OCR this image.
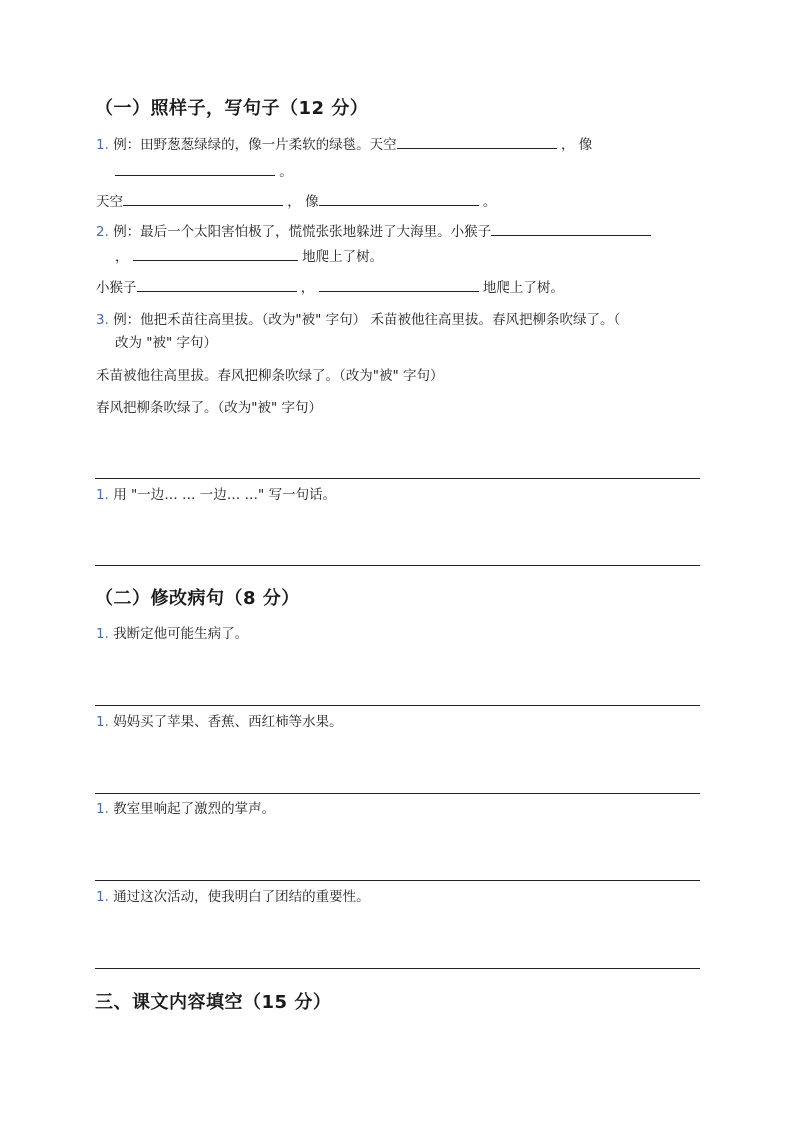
（一）照样子，写句子（12 分）
1. 例：田野葱葱绿绿的，像一片柔软的绿毯。天空	， 像
。
天空	， 像	。
2. 例：最后一个太阳害怕极了，慌慌张张地躲进了大海里。小猴子
，	地爬上了树。
小猴子	，	地爬上了树。
3. 例：他把禾苗往高里拔。（改为"被" 字句） 禾苗被他往高里拔。春风把柳条吹绿了。（
改为 "被" 字句）
禾苗被他往高里拔。春风把柳条吹绿了。（改为"被" 字句）
春风把柳条吹绿了。（改为"被" 字句）
1. 用 "一边… … 一边… …" 写一句话。
（二）修改病句（8 分）
1. 我断定他可能生病了。
1. 妈妈买了苹果、香蕉、西红柿等水果。
1. 教室里响起了激烈的掌声。
1. 通过这次活动，使我明白了团结的重要性。
三、课文内容填空（15 分）
